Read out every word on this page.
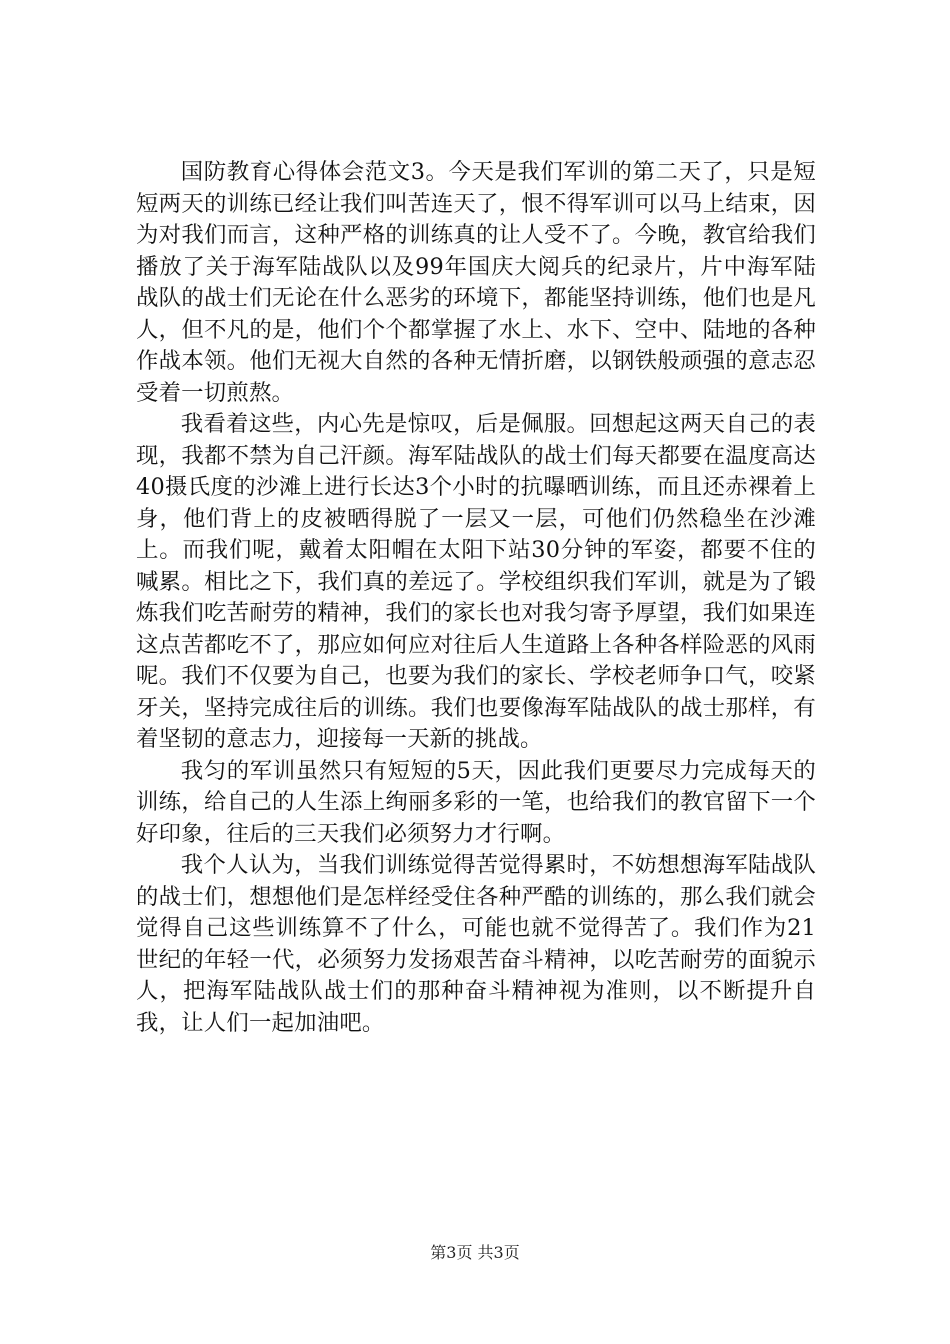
国防教育心得体会范文3。今天是我们军训的第二天了，只是短短两天的训练已经让我们叫苦连天了，恨不得军训可以马上结束，因为对我们而言，这种严格的训练真的让人受不了。今晚，教官给我们播放了关于海军陆战队以及99年国庆大阅兵的纪录片，片中海军陆战队的战士们无论在什么恶劣的环境下，都能坚持训练，他们也是凡人，但不凡的是，他们个个都掌握了水上、水下、空中、陆地的各种作战本领。他们无视大自然的各种无情折磨，以钢铁般顽强的意志忍受着一切煎熬。

我看着这些，内心先是惊叹，后是佩服。回想起这两天自己的表现，我都不禁为自己汗颜。海军陆战队的战士们每天都要在温度高达40摄氏度的沙滩上进行长达3个小时的抗曝晒训练，而且还赤裸着上身，他们背上的皮被晒得脱了一层又一层，可他们仍然稳坐在沙滩上。而我们呢，戴着太阳帽在太阳下站30分钟的军姿，都要不住的喊累。相比之下，我们真的差远了。学校组织我们军训，就是为了锻炼我们吃苦耐劳的精神，我们的家长也对我匀寄予厚望，我们如果连这点苦都吃不了，那应如何应对往后人生道路上各种各样险恶的风雨呢。我们不仅要为自己，也要为我们的家长、学校老师争口气，咬紧牙关，坚持完成往后的训练。我们也要像海军陆战队的战士那样，有着坚韧的意志力，迎接每一天新的挑战。

我匀的军训虽然只有短短的5天，因此我们更要尽力完成每天的训练，给自己的人生添上绚丽多彩的一笔，也给我们的教官留下一个好印象，往后的三天我们必须努力才行啊。

我个人认为，当我们训练觉得苦觉得累时，不妨想想海军陆战队的战士们，想想他们是怎样经受住各种严酷的训练的，那么我们就会觉得自己这些训练算不了什么，可能也就不觉得苦了。我们作为21世纪的年轻一代，必须努力发扬艰苦奋斗精神，以吃苦耐劳的面貌示人，把海军陆战队战士们的那种奋斗精神视为准则，以不断提升自我，让人们一起加油吧。

第3页 共3页
